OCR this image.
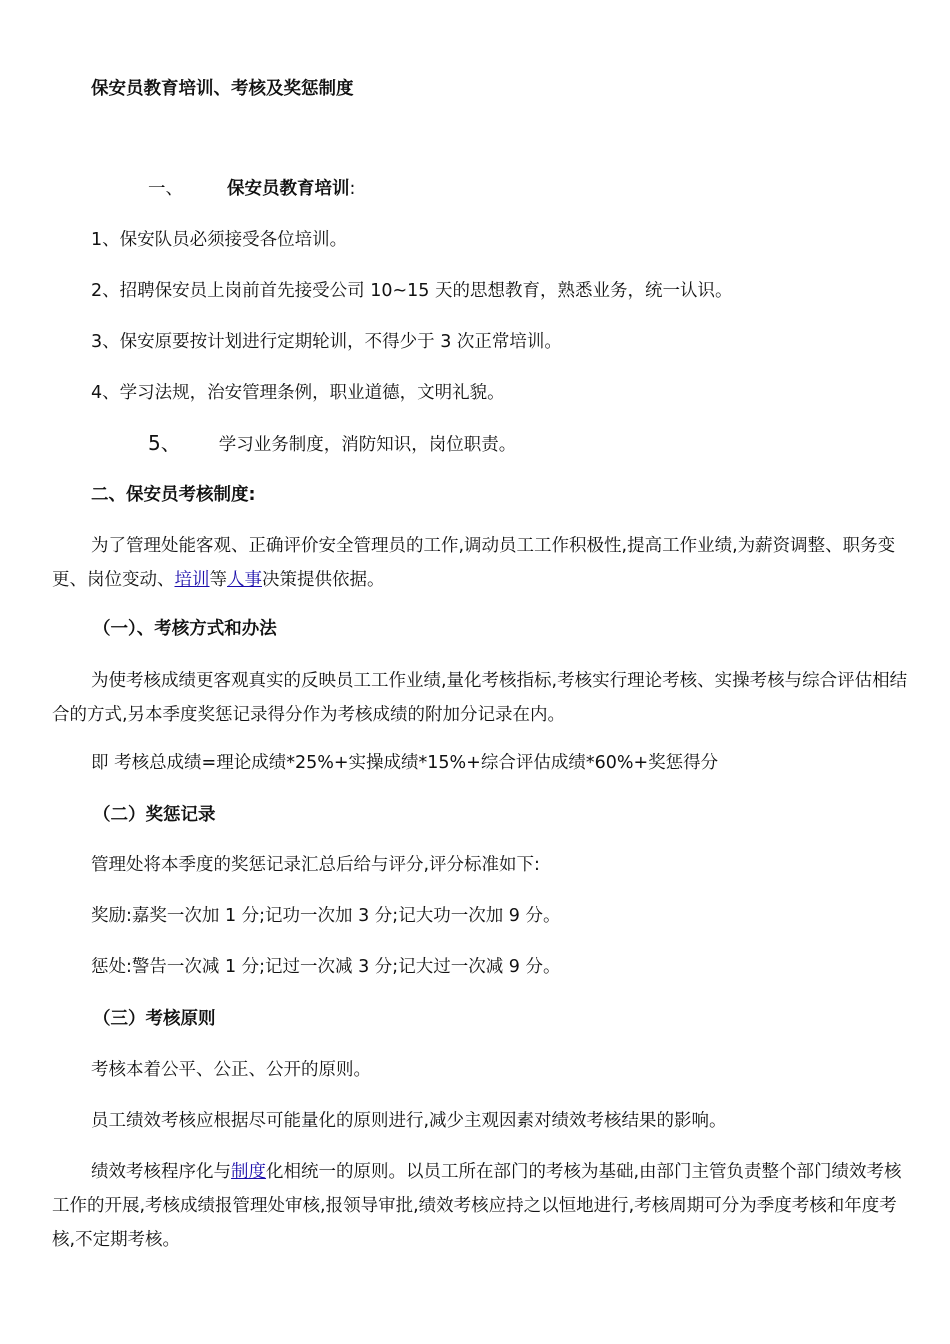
保安员教育培训、考核及奖惩制度

一、	保安员教育培训:

1、保安队员必须接受各位培训。

2、招聘保安员上岗前首先接受公司 10~15 天的思想教育，熟悉业务，统一认识。

3、保安原要按计划进行定期轮训，不得少于 3 次正常培训。

4、学习法规，治安管理条例，职业道德，文明礼貌。

5、 学习业务制度，消防知识，岗位职责。

二、保安员考核制度:

为了管理处能客观、正确评价安全管理员的工作,调动员工工作积极性,提高工作业绩,为薪资调整、职务变更、岗位变动、培训等人事决策提供依据。

（一）、考核方式和办法

为使考核成绩更客观真实的反映员工工作业绩,量化考核指标,考核实行理论考核、实操考核与综合评估相结合的方式,另本季度奖惩记录得分作为考核成绩的附加分记录在内。

即 考核总成绩=理论成绩*25%+实操成绩*15%+综合评估成绩*60%+奖惩得分

（二）奖惩记录

管理处将本季度的奖惩记录汇总后给与评分,评分标准如下:

奖励:嘉奖一次加 1 分;记功一次加 3 分;记大功一次加 9 分。

惩处:警告一次减 1 分;记过一次减 3 分;记大过一次减 9 分。

（三）考核原则

考核本着公平、公正、公开的原则。

员工绩效考核应根据尽可能量化的原则进行,减少主观因素对绩效考核结果的影响。

绩效考核程序化与制度化相统一的原则。以员工所在部门的考核为基础,由部门主管负责整个部门绩效考核工作的开展,考核成绩报管理处审核,报领导审批,绩效考核应持之以恒地进行,考核周期可分为季度考核和年度考核,不定期考核。
